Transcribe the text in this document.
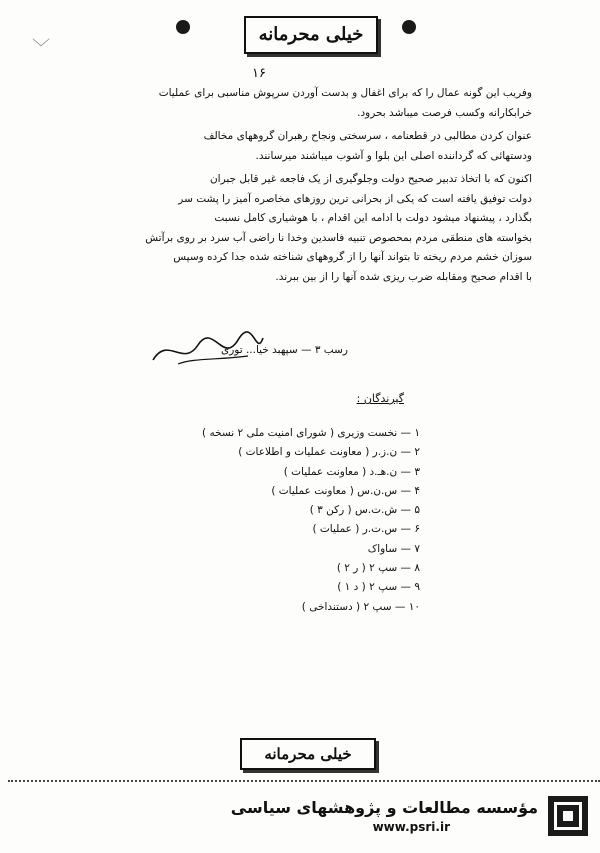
﹀
خیلی محرمانه
۱۶

وفریب این گونه عمال را که برای اغفال و بدست آوردن سرپوش مناسبی برای عملیات

خرابکارانه وکسب فرصت میباشد بحرود.

عنوان کردن مطالبی در قطعنامه ، سرسختی ونجاح رهبران گروههای مخالف

ودستهائی که گرداننده اصلی این بلوا و آشوب میباشند میرسانند.

اکنون که با اتخاذ تدبیر صحیح دولت وجلوگیری از یک فاجعه غیر قابل جبران

دولت توفیق یافته است که یکی از بحرانی ترین روزهای مخاصره آمیز را پشت سر

بگذارد ، پیشنهاد میشود دولت با ادامه این اقدام ، با هوشیاری کامل نسبت

بخواسته های منطقی مردم بمحصوص تنبیه فاسدین وخدا نا راضی آب سرد بر روی برآتش

سوزان خشم مردم ریخته تا بتواند آنها را از گروههای شناخته شده جدا کرده وسپس

با اقدام صحیح ومقابله ضرب ریزی شده آنها را از بین ببرند.

رسب ۳ — سپهبد خیا... توری
گیرندگان :
۱ — نخست وزیری ( شورای امنیت ملی ۲ نسخه )
۲ — ن.ز.ر ( معاونت عملیات و اطلاعات )
۳ — ن.هـ.د ( معاونت عملیات )
۴ — س.ن.س ( معاونت عملیات )
۵ — ش.ت.س ( رکن ۳ )
۶ — س.ت.ر ( عملیات )
۷ — ساواک
۸ — سپ ۲ ( ر ۲ )
۹ — سپ ۲ ( د ۱ )
۱۰ — سپ ۲ ( دستنداخی )
خیلی محرمانه
مؤسسه مطالعات و پژوهشهای سیاسی
www.psri.ir
